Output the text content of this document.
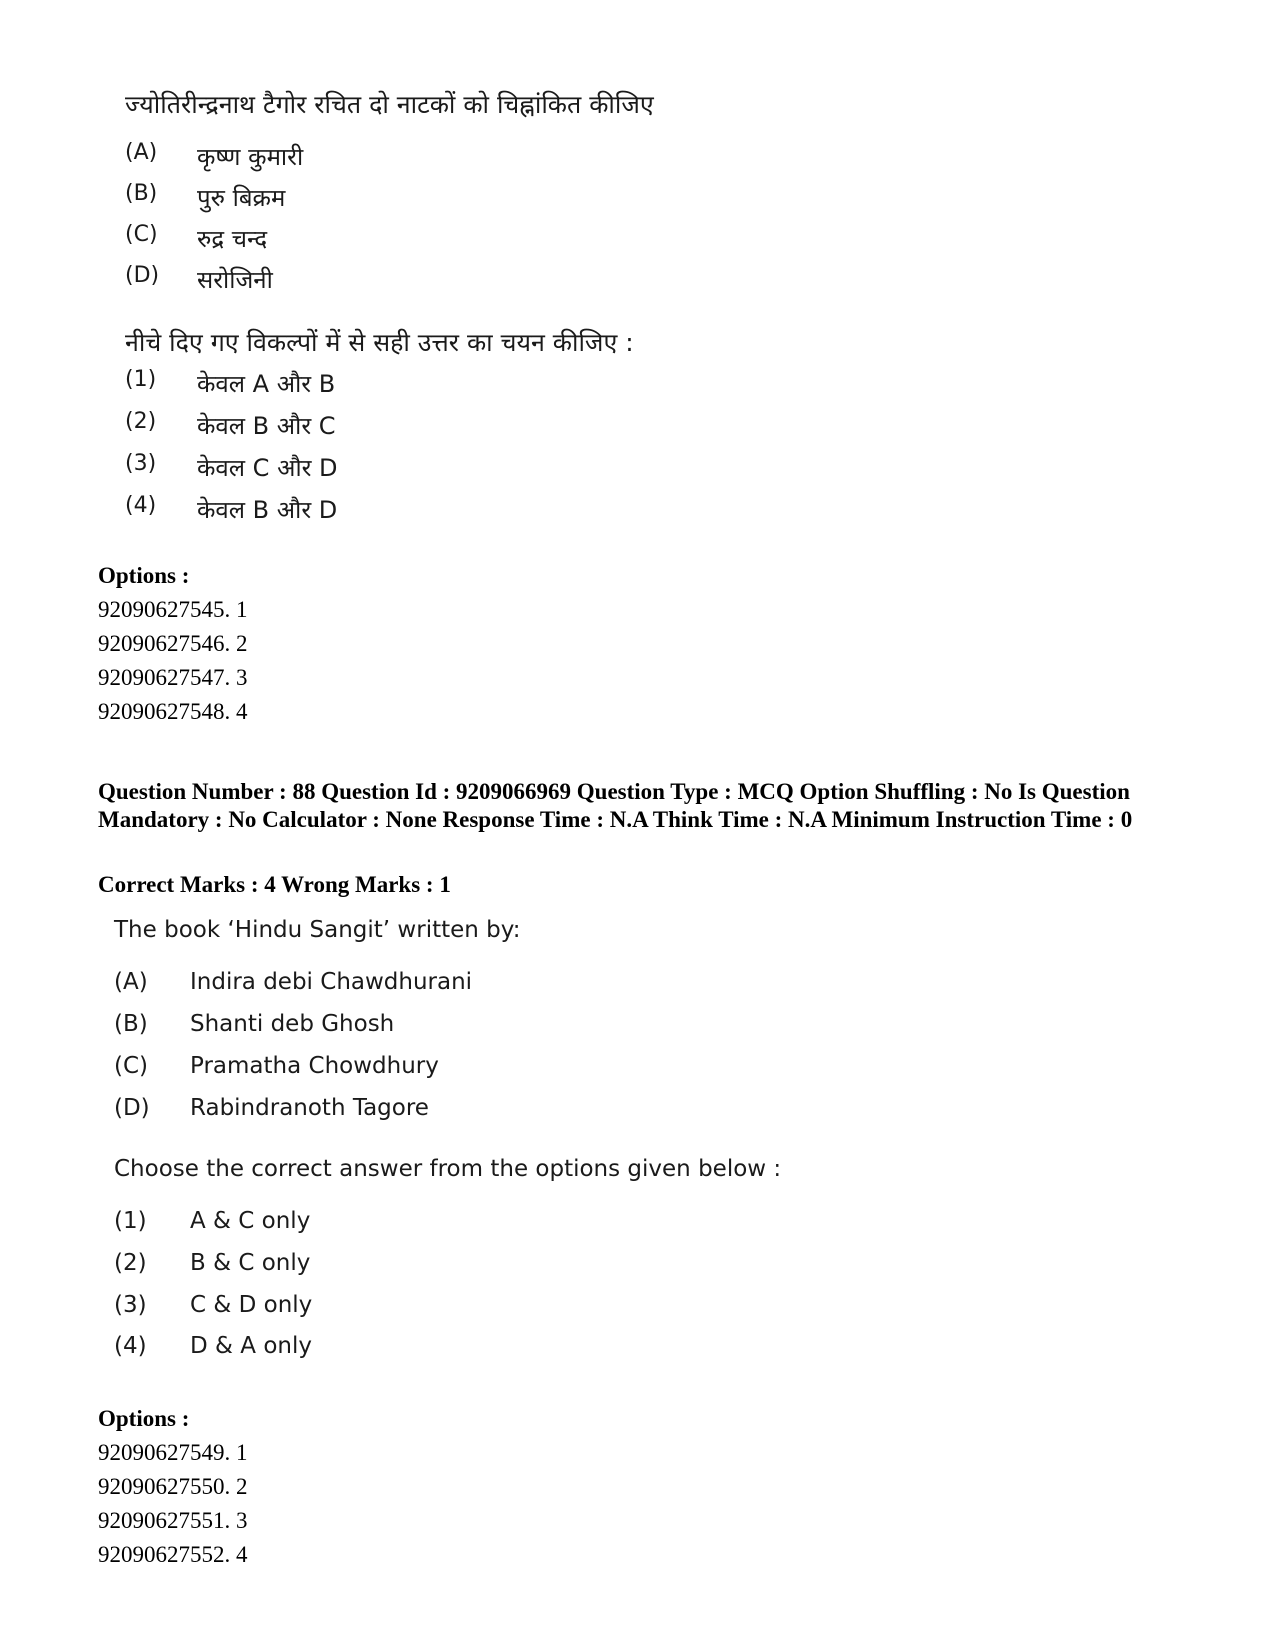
ज्योतिरीन्द्रनाथ टैगोर रचित दो नाटकों को चिह्नांकित कीजिए
(A) कृष्ण कुमारी
(B) पुरु बिक्रम
(C) रुद्र चन्द
(D) सरोजिनी
नीचे दिए गए विकल्पों में से सही उत्तर का चयन कीजिए :
(1) केवल A और B
(2) केवल B और C
(3) केवल C और D
(4) केवल B और D
Options :
92090627545. 1
92090627546. 2
92090627547. 3
92090627548. 4
Question Number : 88 Question Id : 9209066969 Question Type : MCQ Option Shuffling : No Is Question Mandatory : No Calculator : None Response Time : N.A Think Time : N.A Minimum Instruction Time : 0
Correct Marks : 4 Wrong Marks : 1
The book ‘Hindu Sangit’ written by:
(A) Indira debi Chawdhurani
(B) Shanti deb Ghosh
(C) Pramatha Chowdhury
(D) Rabindranoth Tagore
Choose the correct answer from the options given below :
(1) A & C only
(2) B & C only
(3) C & D only
(4) D & A only
Options :
92090627549. 1
92090627550. 2
92090627551. 3
92090627552. 4
